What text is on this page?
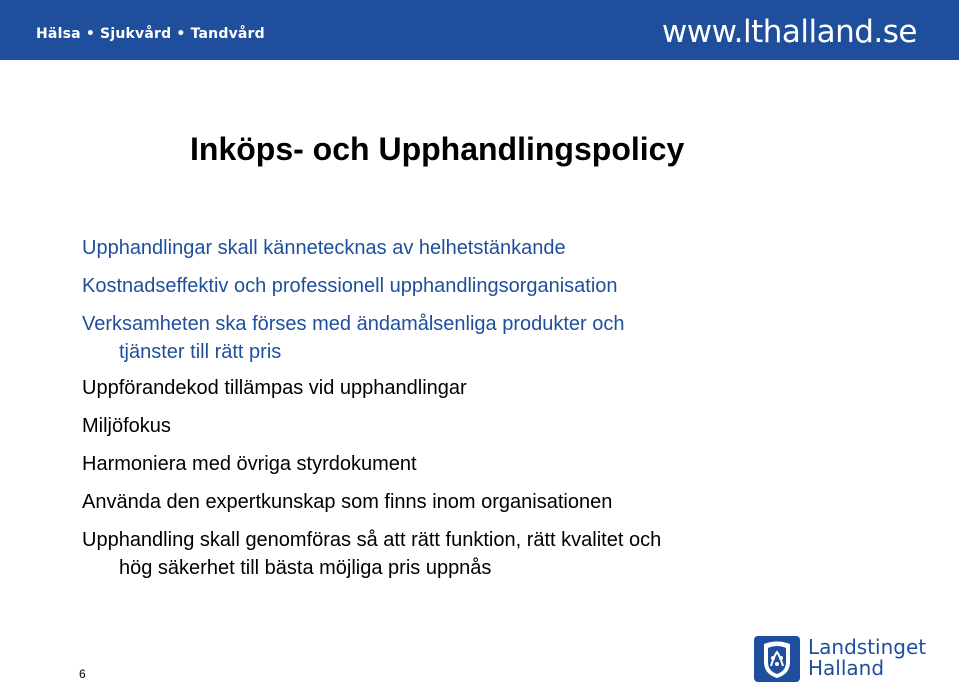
Hälsa • Sjukvård • Tandvård	www.lthalland.se
Inköps- och Upphandlingspolicy
Upphandlingar skall kännetecknas av helhetstänkande
Kostnadseffektiv och professionell upphandlingsorganisation
Verksamheten ska förses med ändamålsenliga produkter och
tjänster till rätt pris
Uppförandekod tillämpas vid upphandlingar
Miljöfokus
Harmoniera med övriga styrdokument
Använda den expertkunskap som finns inom organisationen
Upphandling skall genomföras så att rätt funktion, rätt kvalitet och
hög säkerhet till bästa möjliga pris uppnås
6
Landstinget
Halland
